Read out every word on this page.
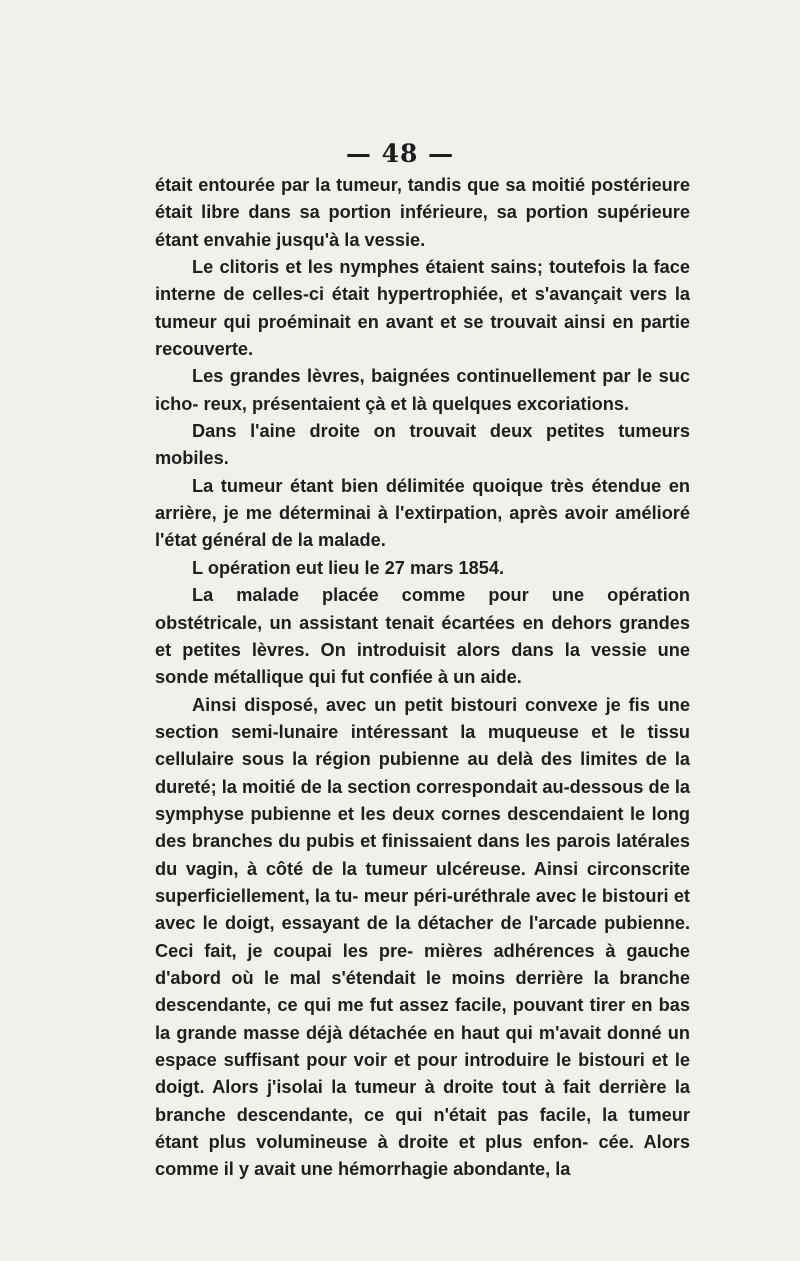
— 48 —

était entourée par la tumeur, tandis que sa moitié postérieure était libre dans sa portion inférieure, sa portion supérieure étant envahie jusqu'à la vessie.

Le clitoris et les nymphes étaient sains; toutefois la face interne de celles-ci était hypertrophiée, et s'avançait vers la tumeur qui proéminait en avant et se trouvait ainsi en partie recouverte.

Les grandes lèvres, baignées continuellement par le suc icho- reux, présentaient çà et là quelques excoriations.

Dans l'aine droite on trouvait deux petites tumeurs mobiles.

La tumeur étant bien délimitée quoique très étendue en arrière, je me déterminai à l'extirpation, après avoir amélioré l'état général de la malade.

L opération eut lieu le 27 mars 1854.

La malade placée comme pour une opération obstétricale, un assistant tenait écartées en dehors grandes et petites lèvres. On introduisit alors dans la vessie une sonde métallique qui fut confiée à un aide.

Ainsi disposé, avec un petit bistouri convexe je fis une section semi-lunaire intéressant la muqueuse et le tissu cellulaire sous la région pubienne au delà des limites de la dureté; la moitié de la section correspondait au-dessous de la symphyse pubienne et les deux cornes descendaient le long des branches du pubis et finissaient dans les parois latérales du vagin, à côté de la tumeur ulcéreuse. Ainsi circonscrite superficiellement, la tu- meur péri-uréthrale avec le bistouri et avec le doigt, essayant de la détacher de l'arcade pubienne. Ceci fait, je coupai les pre- mières adhérences à gauche d'abord où le mal s'étendait le moins derrière la branche descendante, ce qui me fut assez facile, pouvant tirer en bas la grande masse déjà détachée en haut qui m'avait donné un espace suffisant pour voir et pour introduire le bistouri et le doigt. Alors j'isolai la tumeur à droite tout à fait derrière la branche descendante, ce qui n'était pas facile, la tumeur étant plus volumineuse à droite et plus enfon- cée. Alors comme il y avait une hémorrhagie abondante, la
